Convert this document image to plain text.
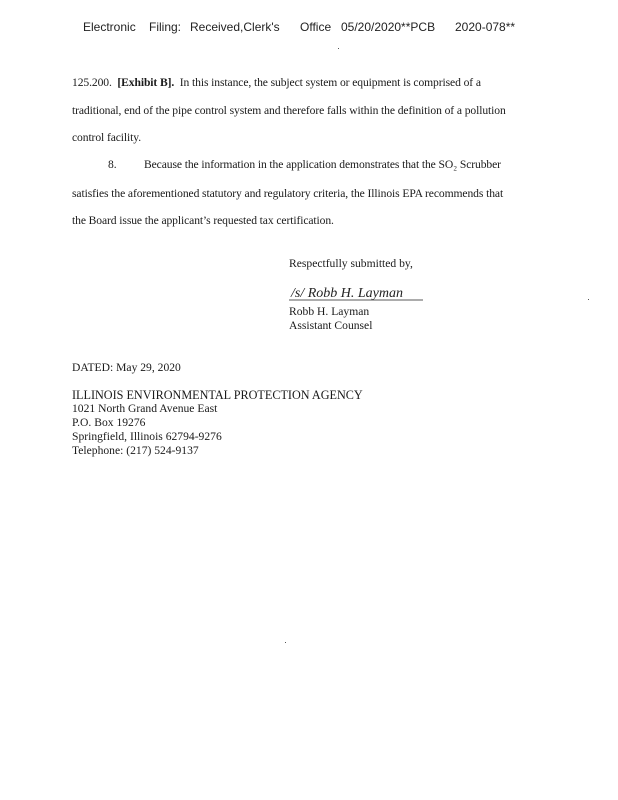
Electronic Filing: Received,Clerk's Office 05/20/2020**PCB 2020-078**
125.200. [Exhibit B]. In this instance, the subject system or equipment is comprised of a
traditional, end of the pipe control system and therefore falls within the definition of a pollution
control facility.
8. Because the information in the application demonstrates that the SO₂ Scrubber
satisfies the aforementioned statutory and regulatory criteria, the Illinois EPA recommends that
the Board issue the applicant’s requested tax certification.
Respectfully submitted by,
/s/ Robb H. Layman
Robb H. Layman
Assistant Counsel
DATED: May 29, 2020
ILLINOIS ENVIRONMENTAL PROTECTION AGENCY
1021 North Grand Avenue East
P.O. Box 19276
Springfield, Illinois 62794-9276
Telephone: (217) 524-9137
